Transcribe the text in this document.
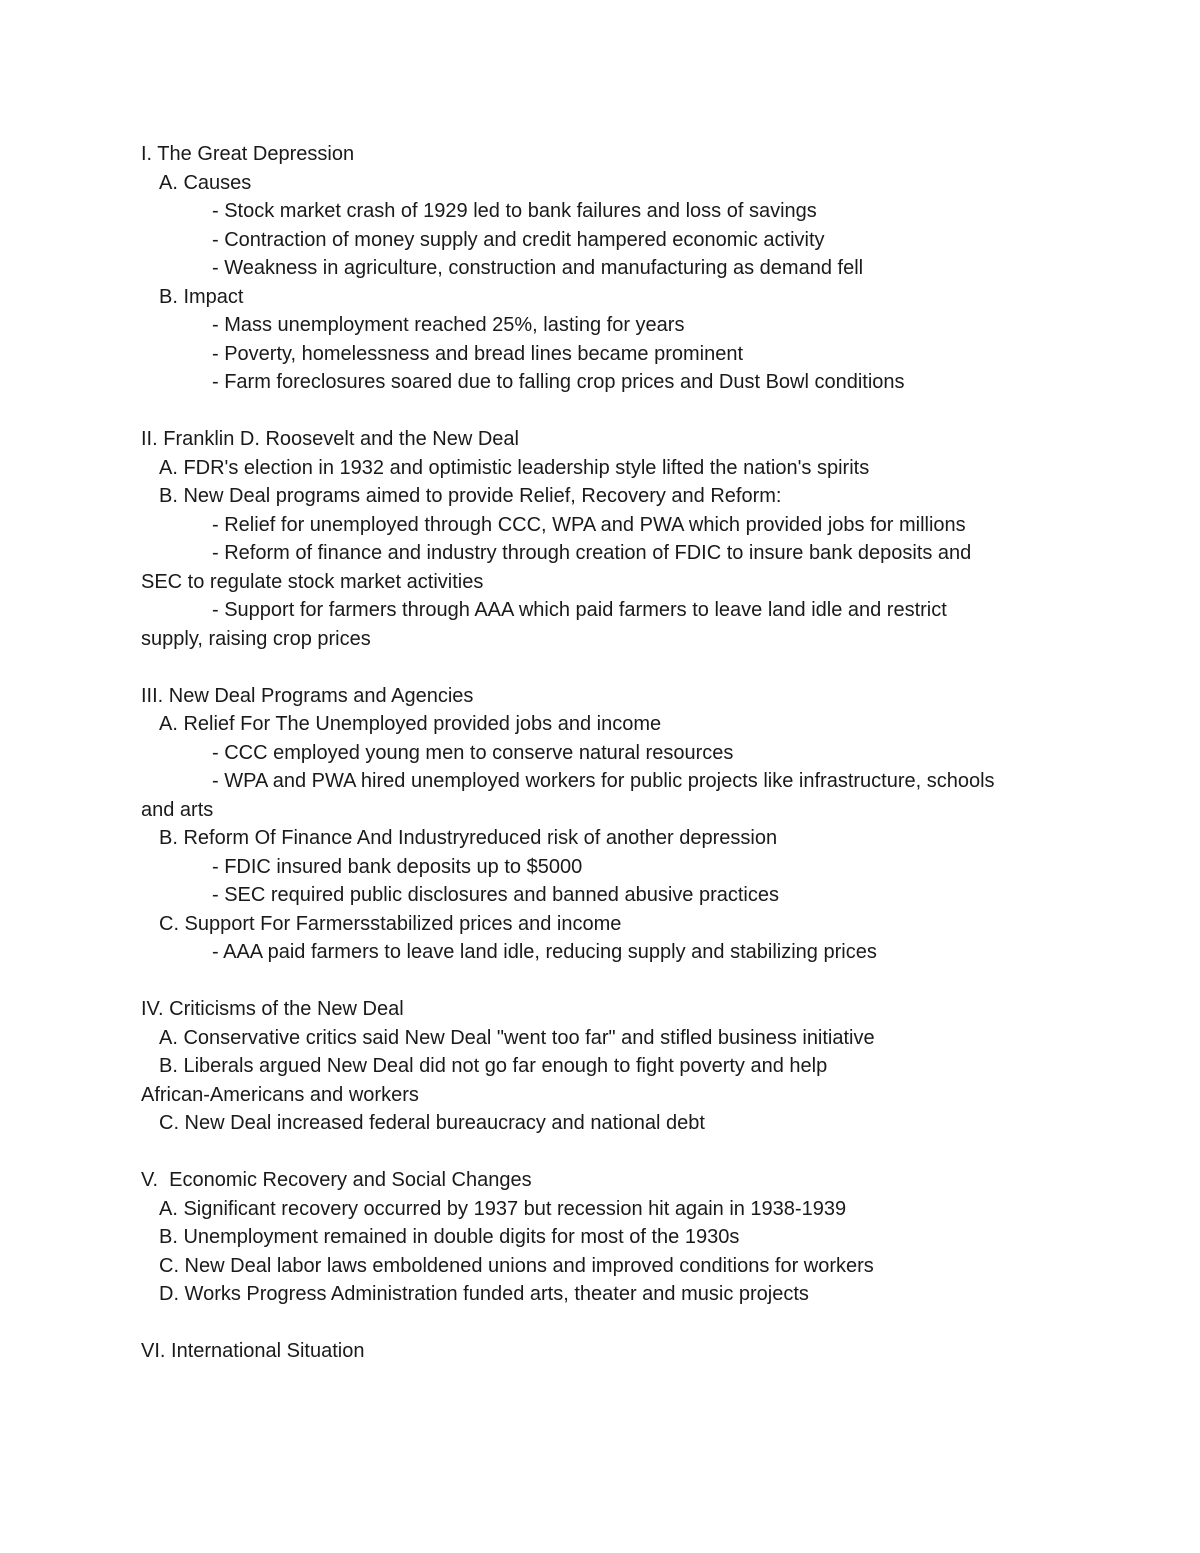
I. The Great Depression
A. Causes
- Stock market crash of 1929 led to bank failures and loss of savings
- Contraction of money supply and credit hampered economic activity
- Weakness in agriculture, construction and manufacturing as demand fell
B. Impact
- Mass unemployment reached 25%, lasting for years
- Poverty, homelessness and bread lines became prominent
- Farm foreclosures soared due to falling crop prices and Dust Bowl conditions
II. Franklin D. Roosevelt and the New Deal
A. FDR's election in 1932 and optimistic leadership style lifted the nation's spirits
B. New Deal programs aimed to provide Relief, Recovery and Reform:
- Relief for unemployed through CCC, WPA and PWA which provided jobs for millions
- Reform of finance and industry through creation of FDIC to insure bank deposits and
SEC to regulate stock market activities
- Support for farmers through AAA which paid farmers to leave land idle and restrict
supply, raising crop prices
III. New Deal Programs and Agencies
A. Relief For The Unemployed provided jobs and income
- CCC employed young men to conserve natural resources
- WPA and PWA hired unemployed workers for public projects like infrastructure, schools
and arts
B. Reform Of Finance And Industryreduced risk of another depression
- FDIC insured bank deposits up to $5000
- SEC required public disclosures and banned abusive practices
C. Support For Farmersstabilized prices and income
- AAA paid farmers to leave land idle, reducing supply and stabilizing prices
IV. Criticisms of the New Deal
A. Conservative critics said New Deal "went too far" and stifled business initiative
B. Liberals argued New Deal did not go far enough to fight poverty and help
African-Americans and workers
C. New Deal increased federal bureaucracy and national debt
V.  Economic Recovery and Social Changes
A. Significant recovery occurred by 1937 but recession hit again in 1938-1939
B. Unemployment remained in double digits for most of the 1930s
C. New Deal labor laws emboldened unions and improved conditions for workers
D. Works Progress Administration funded arts, theater and music projects
VI. International Situation
